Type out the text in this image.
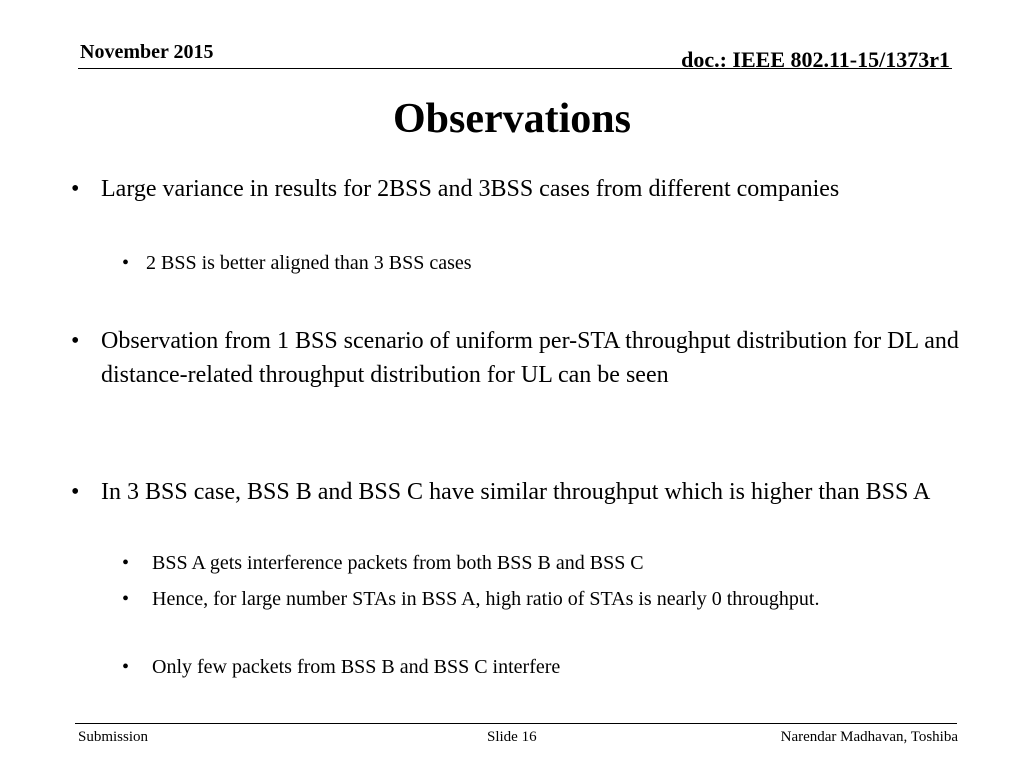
November 2015	doc.: IEEE 802.11-15/1373r1
Observations
• Large variance in results for 2BSS and 3BSS cases from different companies
• 2 BSS is better aligned than 3 BSS cases
• Observation from 1 BSS scenario of uniform per-STA throughput distribution for DL and distance-related throughput distribution for UL can be seen
• In 3 BSS case, BSS B and BSS C have similar throughput which is higher than BSS A
• BSS A gets interference packets from both BSS B and BSS C
• Hence, for large number STAs in BSS A, high ratio of STAs is nearly 0 throughput.
• Only few packets from BSS B and BSS C interfere
Submission	Slide 16	Narendar Madhavan, Toshiba
